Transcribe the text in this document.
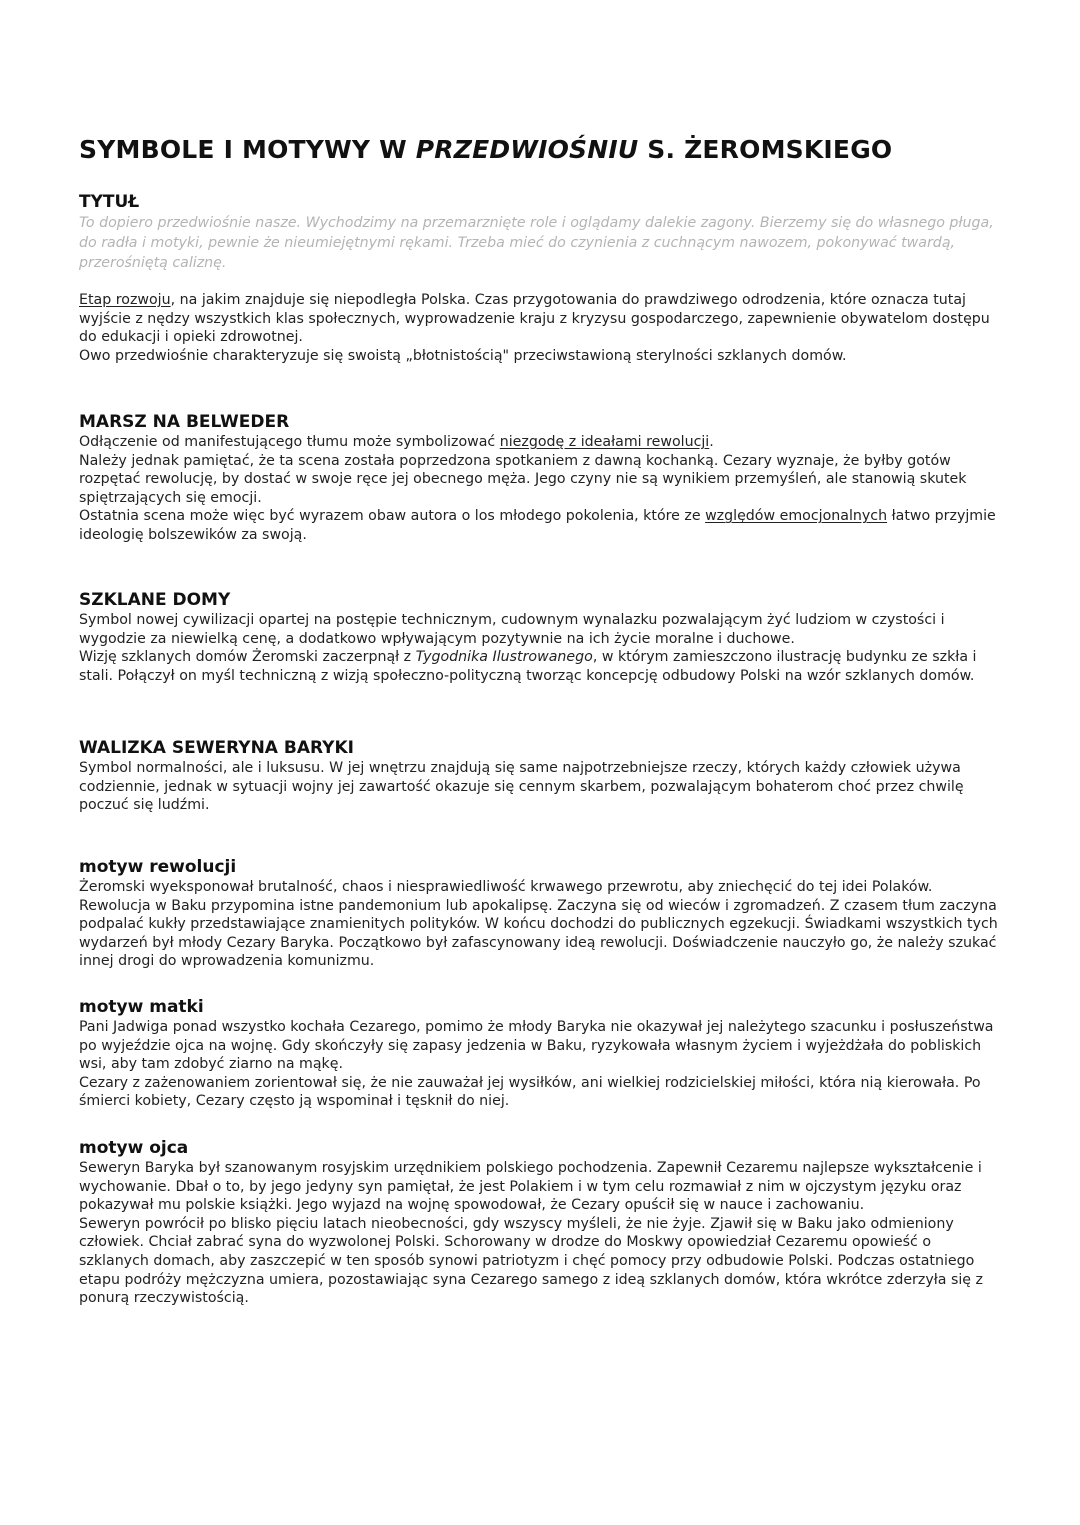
SYMBOLE I MOTYWY W PRZEDWIOŚNIU S. ŻEROMSKIEGO
TYTUŁ

To dopiero przedwiośnie nasze. Wychodzimy na przemarznięte role i oglądamy dalekie zagony. Bierzemy się do własnego pługa, do radła i motyki, pewnie że nieumiejętnymi rękami. Trzeba mieć do czynienia z cuchnącym nawozem, pokonywać twardą, przerośniętą caliznę.

Etap rozwoju, na jakim znajduje się niepodległa Polska. Czas przygotowania do prawdziwego odrodzenia, które oznacza tutaj wyjście z nędzy wszystkich klas społecznych, wyprowadzenie kraju z kryzysu gospodarczego, zapewnienie obywatelom dostępu do edukacji i opieki zdrowotnej.

Owo przedwiośnie charakteryzuje się swoistą „błotnistością" przeciwstawioną sterylności szklanych domów.

MARSZ NA BELWEDER

Odłączenie od manifestującego tłumu może symbolizować niezgodę z ideałami rewolucji.

Należy jednak pamiętać, że ta scena została poprzedzona spotkaniem z dawną kochanką. Cezary wyznaje, że byłby gotów rozpętać rewolucję, by dostać w swoje ręce jej obecnego męża. Jego czyny nie są wynikiem przemyśleń, ale stanowią skutek spiętrzających się emocji.

Ostatnia scena może więc być wyrazem obaw autora o los młodego pokolenia, które ze względów emocjonalnych łatwo przyjmie ideologię bolszewików za swoją.

SZKLANE DOMY

Symbol nowej cywilizacji opartej na postępie technicznym, cudownym wynalazku pozwalającym żyć ludziom w czystości i wygodzie za niewielką cenę, a dodatkowo wpływającym pozytywnie na ich życie moralne i duchowe.

Wizję szklanych domów Żeromski zaczerpnął z Tygodnika Ilustrowanego, w którym zamieszczono ilustrację budynku ze szkła i stali. Połączył on myśl techniczną z wizją społeczno-polityczną tworząc koncepcję odbudowy Polski na wzór szklanych domów.

WALIZKA SEWERYNA BARYKI

Symbol normalności, ale i luksusu. W jej wnętrzu znajdują się same najpotrzebniejsze rzeczy, których każdy człowiek używa codziennie, jednak w sytuacji wojny jej zawartość okazuje się cennym skarbem, pozwalającym bohaterom choć przez chwilę poczuć się ludźmi.

motyw rewolucji

Żeromski wyeksponował brutalność, chaos i niesprawiedliwość krwawego przewrotu, aby zniechęcić do tej idei Polaków. Rewolucja w Baku przypomina istne pandemonium lub apokalipsę. Zaczyna się od wieców i zgromadzeń. Z czasem tłum zaczyna podpalać kukły przedstawiające znamienitych polityków. W końcu dochodzi do publicznych egzekucji. Świadkami wszystkich tych wydarzeń był młody Cezary Baryka. Początkowo był zafascynowany ideą rewolucji. Doświadczenie nauczyło go, że należy szukać innej drogi do wprowadzenia komunizmu.

motyw matki

Pani Jadwiga ponad wszystko kochała Cezarego, pomimo że młody Baryka nie okazywał jej należytego szacunku i posłuszeństwa po wyjeździe ojca na wojnę. Gdy skończyły się zapasy jedzenia w Baku, ryzykowała własnym życiem i wyjeżdżała do pobliskich wsi, aby tam zdobyć ziarno na mąkę.

Cezary z zażenowaniem zorientował się, że nie zauważał jej wysiłków, ani wielkiej rodzicielskiej miłości, która nią kierowała. Po śmierci kobiety, Cezary często ją wspominał i tęsknił do niej.

motyw ojca

Seweryn Baryka był szanowanym rosyjskim urzędnikiem polskiego pochodzenia. Zapewnił Cezaremu najlepsze wykształcenie i wychowanie. Dbał o to, by jego jedyny syn pamiętał, że jest Polakiem i w tym celu rozmawiał z nim w ojczystym języku oraz pokazywał mu polskie książki. Jego wyjazd na wojnę spowodował, że Cezary opuścił się w nauce i zachowaniu.

Seweryn powrócił po blisko pięciu latach nieobecności, gdy wszyscy myśleli, że nie żyje. Zjawił się w Baku jako odmieniony człowiek. Chciał zabrać syna do wyzwolonej Polski. Schorowany w drodze do Moskwy opowiedział Cezaremu opowieść o szklanych domach, aby zaszczepić w ten sposób synowi patriotyzm i chęć pomocy przy odbudowie Polski. Podczas ostatniego etapu podróży mężczyzna umiera, pozostawiając syna Cezarego samego z ideą szklanych domów, która wkrótce zderzyła się z ponurą rzeczywistością.
